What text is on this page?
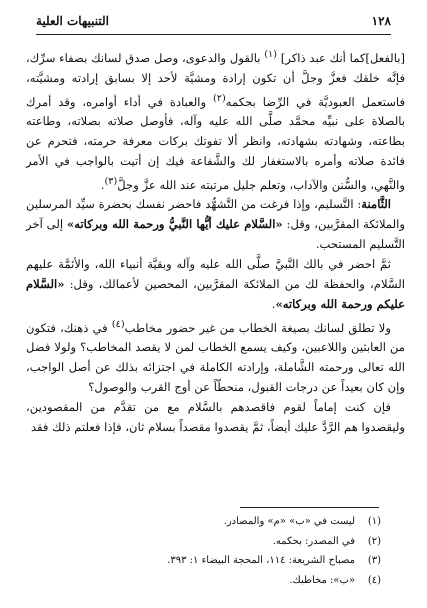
١٢٨
التنبيهات العلية

[بالفعل]كما أنك عبد ذاكر] $^{(١)}$ بالقول والدعوى، وصل صدق لسانك بصفاء سرِّك، فإنَّه خلقك فعزَّ وجلَّ أن تكون إرادة ومشيَّة لأحد إلا بسابق إرادته ومشيَّته، فاستعمل العبوديَّة في الرِّضا بحكمه$^{(٢)}$ والعبادة في أداء أوامره، وقد أمرك بالصلاة على نبيِّه محمَّد صلَّى الله عليه وآله، فأوصل صلاته بصلاته، وطاعته بطاعته، وشهادته بشهادته، وانظر ألا تفوتك بركات معرفة حرمته، فتحرم عن فائدة صلاته وأمره بالاستغفار لك والشَّفاعة فيك إن أتيت بالواجب في الأمر والنَّهي، والسُّنن والآداب، وتعلم جليل مرتبته عند الله عزَّ وجلَّ$^{(٣)}$.

الثَّامنة: التَّسليم، وإذا فرغت من التَّشهُّد فاحضر نفسك بحضرة سيِّد المرسلين والملائكة المقرَّبين، وقل: «السَّلام عليك أيُّها النَّبيُّ ورحمة الله وبركاته» إلى آخر التَّسليم المستحب.

ثمَّ احضر في بالك النَّبيَّ صلَّى الله عليه وآله وبقيَّة أنبياء الله، والأئمَّة عليهم السَّلام، والحفظة لك من الملائكة المقرَّبين، المحصين لأعمالك، وقل: «السَّلام عليكم ورحمة الله وبركاته».

ولا تطلق لسانك بصيغة الخطاب من غير حضور مخاطب$^{(٤)}$ في ذهنك، فتكون من العابثين واللاعبين، وكيف يسمع الخطاب لمن لا يقصد المخاطب؟ ولولا فضل الله تعالى ورحمته الشَّاملة، وإرادته الكاملة في اجتزائه بذلك عن أصل الواجب، وإن كان بعيداً عن درجات القبول، منحطّاً عن أوج القرب والوصول؟

فإن كنت إماماً لقوم فاقصدهم بالسَّلام مع من تقدَّم من المقصودين، وليقصدوا هم الرَّدَّ عليك أيضاً، ثمَّ يقصدوا مقصداً بسلام ثان، فإذا فعلتم ذلك فقد

(١)ليست في «ب» «م» والمصادر.
(٢)في المصدر: بحكمه.
(٣)مصباح الشريعة: ١١٤، المحجة البيضاء ١: ٣٩٣.
(٤)«ب»: مخاطبك.
